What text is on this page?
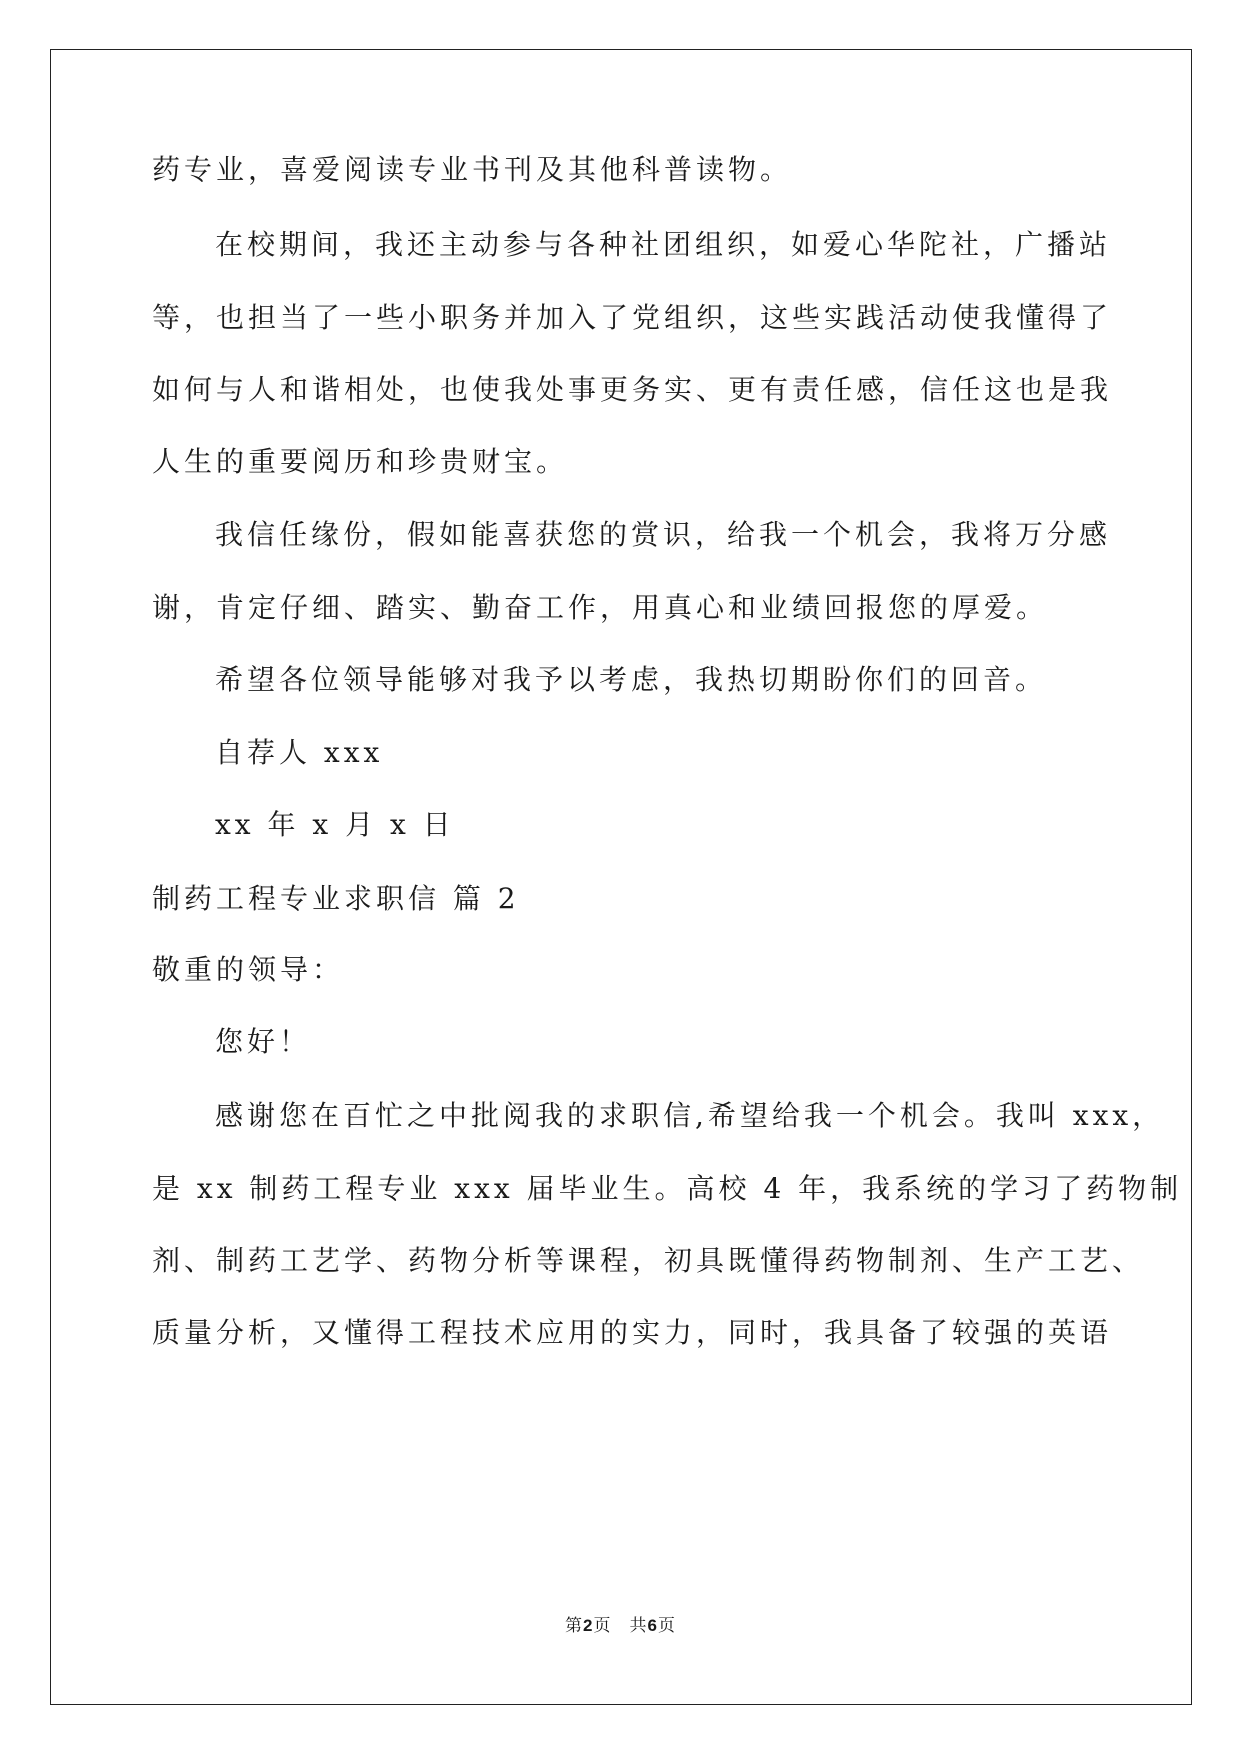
药专业，喜爱阅读专业书刊及其他科普读物。
在校期间，我还主动参与各种社团组织，如爱心华陀社，广播站
等，也担当了一些小职务并加入了党组织，这些实践活动使我懂得了
如何与人和谐相处，也使我处事更务实、更有责任感，信任这也是我
人生的重要阅历和珍贵财宝。
我信任缘份，假如能喜获您的赏识，给我一个机会，我将万分感
谢，肯定仔细、踏实、勤奋工作，用真心和业绩回报您的厚爱。
希望各位领导能够对我予以考虑，我热切期盼你们的回音。
自荐人 xxx
xx 年 x 月 x 日
制药工程专业求职信 篇 2
敬重的领导：
您好！
感谢您在百忙之中批阅我的求职信,希望给我一个机会。我叫 xxx，
是 xx 制药工程专业 xxx 届毕业生。高校 4 年，我系统的学习了药物制
剂、制药工艺学、药物分析等课程，初具既懂得药物制剂、生产工艺、
质量分析，又懂得工程技术应用的实力，同时，我具备了较强的英语
第2页　共6页
